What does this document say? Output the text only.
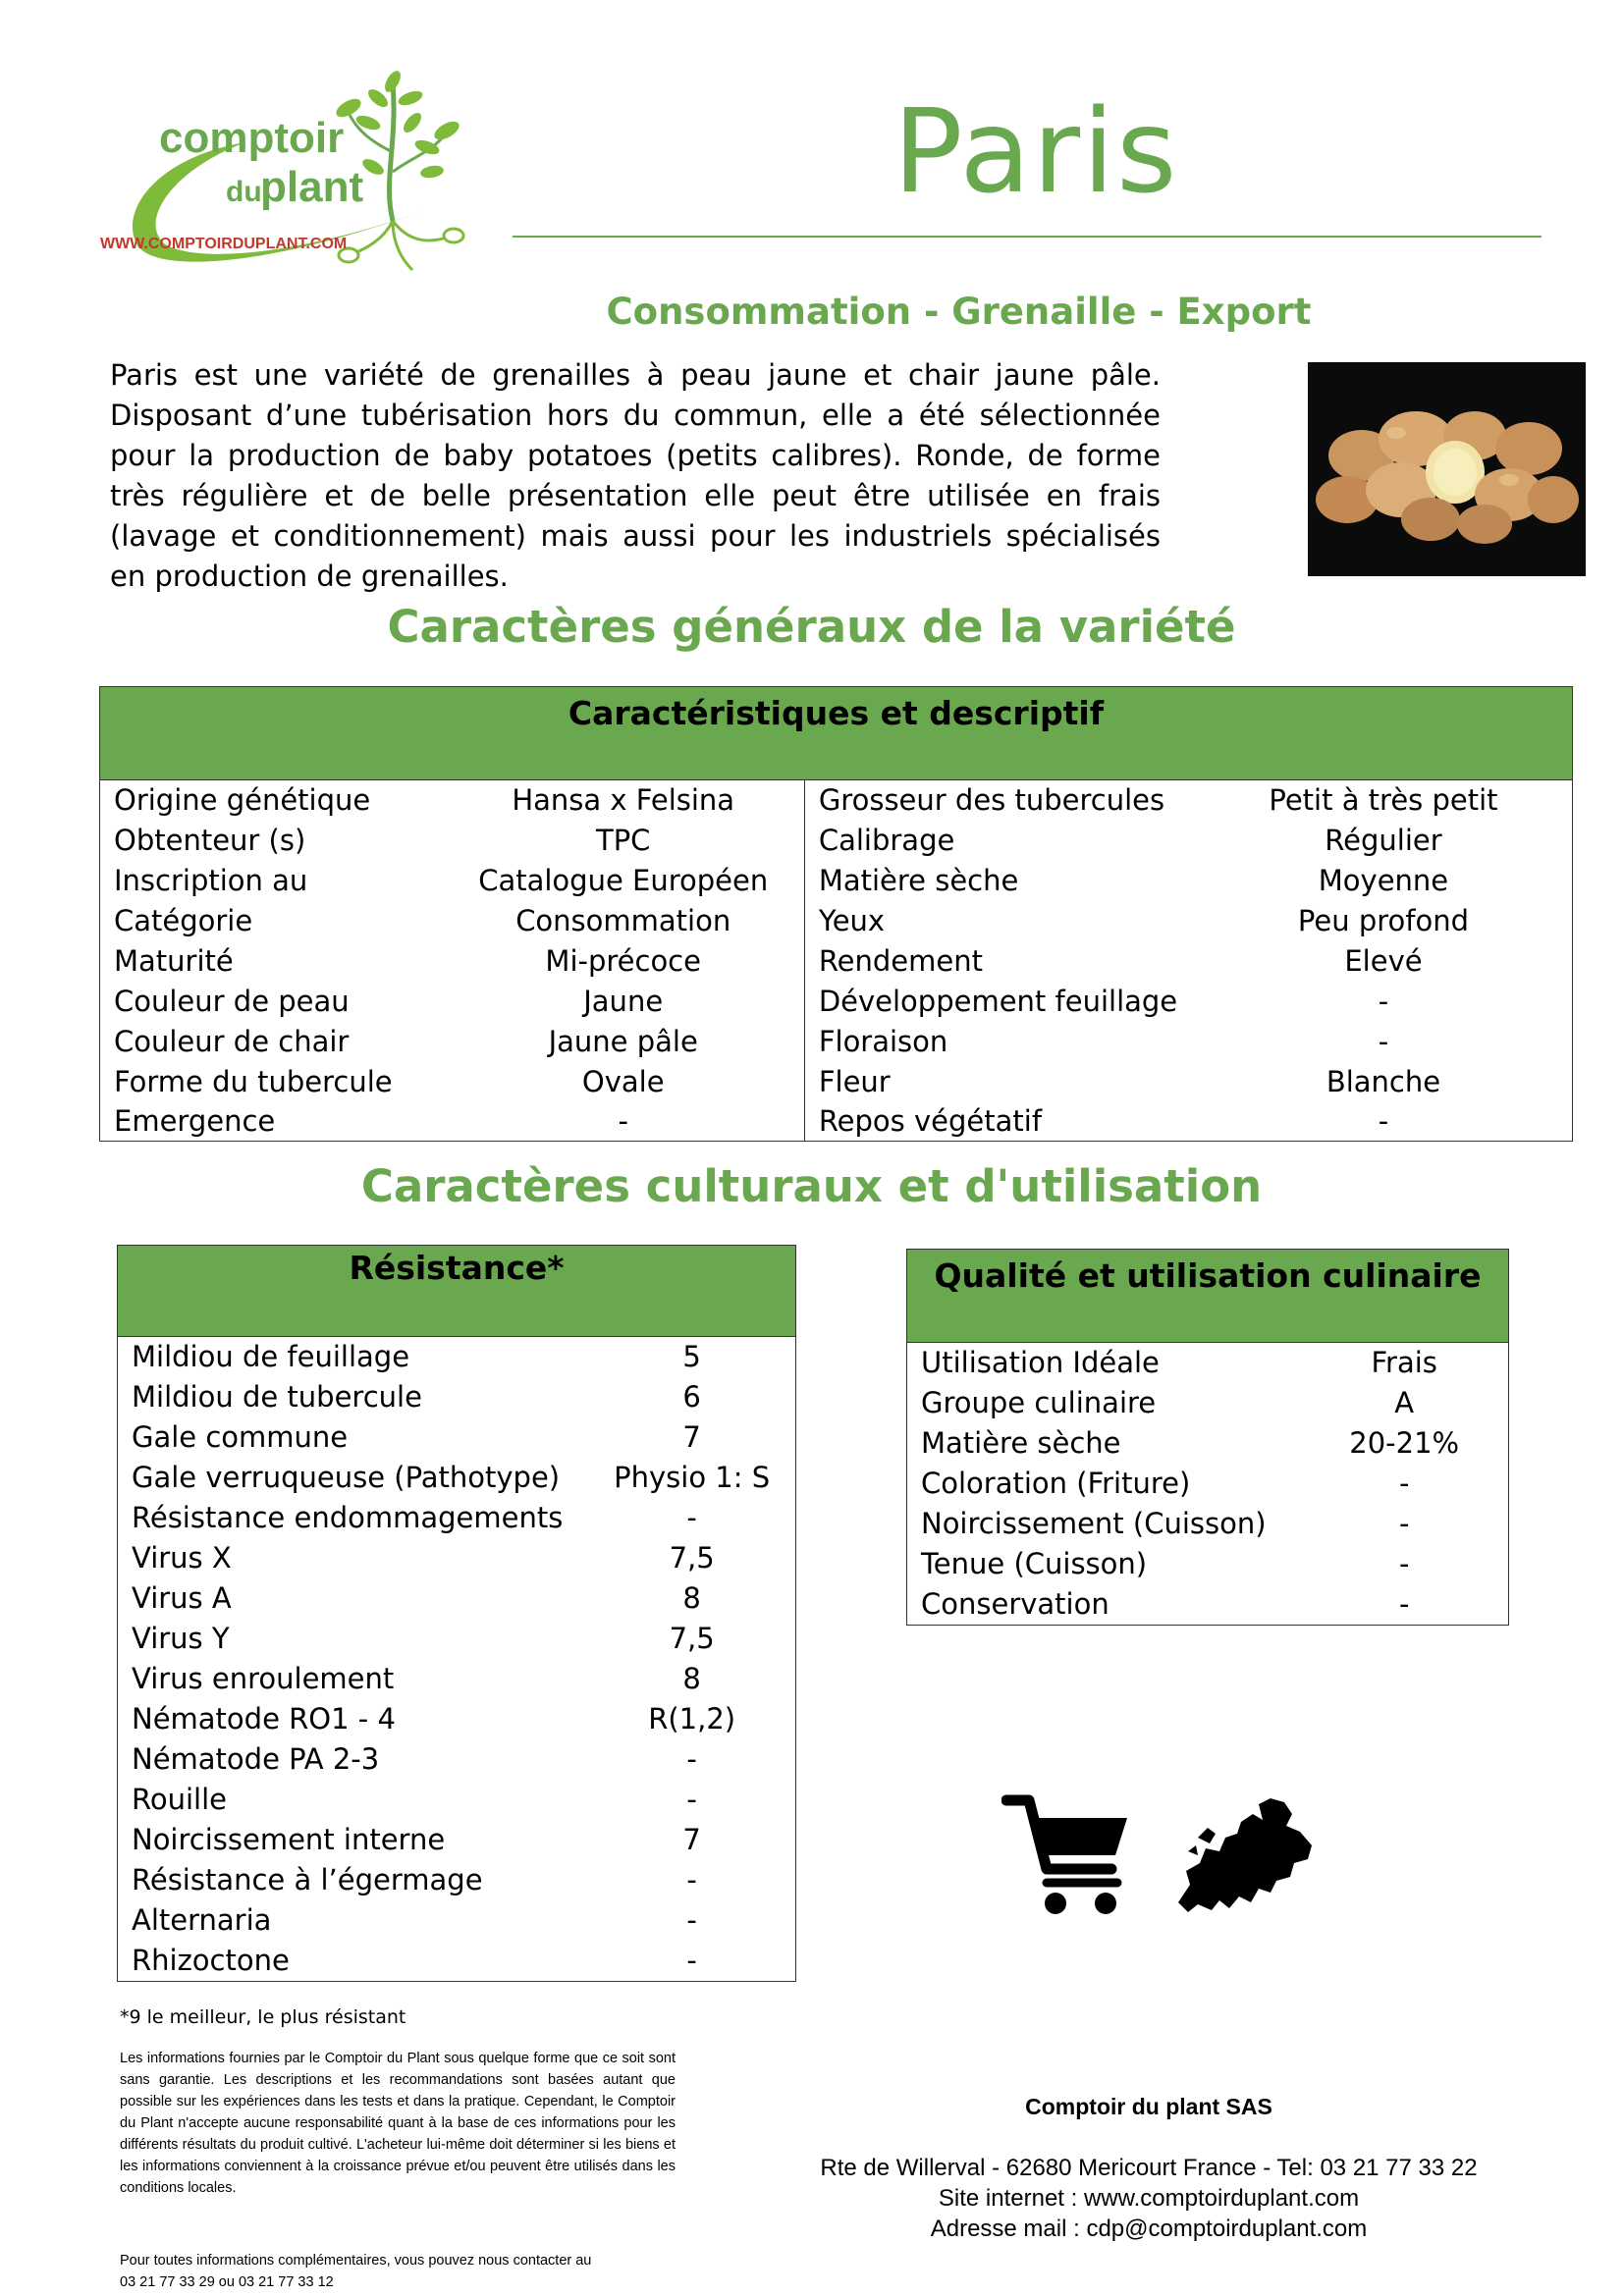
comptoir
du
plant
WWW.COMPTOIRDUPLANT.COM
Paris
Consommation - Grenaille - Export
Paris est une variété de grenailles à peau jaune et chair jaune pâle. Disposant d’une tubérisation hors du commun, elle a été sélectionnée pour la production de baby potatoes (petits calibres). Ronde, de forme très régulière et de belle présentation elle peut être utilisée en frais (lavage et conditionnement) mais aussi pour les industriels spécialisés en production de grenailles.
Caractères généraux de la variété
Caractéristiques et descriptif			
Origine génétique	Hansa x Felsina	Grosseur des tubercules	Petit à très petit
Obtenteur (s)	TPC	Calibrage	Régulier
Inscription au	Catalogue Européen	Matière sèche	Moyenne
Catégorie	Consommation	Yeux	Peu profond
Maturité	Mi-précoce	Rendement	Elevé
Couleur de peau	Jaune	Développement feuillage	-
Couleur de chair	Jaune pâle	Floraison	-
Forme du tubercule	Ovale	Fleur	Blanche
Emergence	-	Repos végétatif	-
Caractères culturaux et d'utilisation
Résistance*	
Mildiou de feuillage	5
Mildiou de tubercule	6
Gale commune	7
Gale verruqueuse (Pathotype)	Physio 1: S
Résistance endommagements	-
Virus X	7,5
Virus A	8
Virus Y	7,5
Virus enroulement	8
Nématode RO1 - 4	R(1,2)
Nématode PA 2-3	-
Rouille	-
Noircissement interne	7
Résistance à l’égermage	-
Alternaria	-
Rhizoctone	-
Qualité et utilisation culinaire	
Utilisation Idéale	Frais
Groupe culinaire	A
Matière sèche	20-21%
Coloration (Friture)	-
Noircissement (Cuisson)	-
Tenue (Cuisson)	-
Conservation	-
*9 le meilleur, le plus résistant
Les informations fournies par le Comptoir du Plant sous quelque forme que ce soit sont sans garantie. Les descriptions et les recommandations sont basées autant que possible sur les expériences dans les tests et dans la pratique. Cependant, le Comptoir du Plant n'accepte aucune responsabilité quant à la base de ces informations pour les différents résultats du produit cultivé. L'acheteur lui-même doit déterminer si les biens et les informations conviennent à la croissance prévue et/ou peuvent être utilisés dans les conditions locales.
Pour toutes informations complémentaires, vous pouvez nous contacter au
03 21 77 33 29 ou 03 21 77 33 12
Comptoir du plant SAS
Rte de Willerval - 62680 Mericourt France - Tel: 03 21 77 33 22
Site internet : www.comptoirduplant.com
Adresse mail : cdp@comptoirduplant.com
